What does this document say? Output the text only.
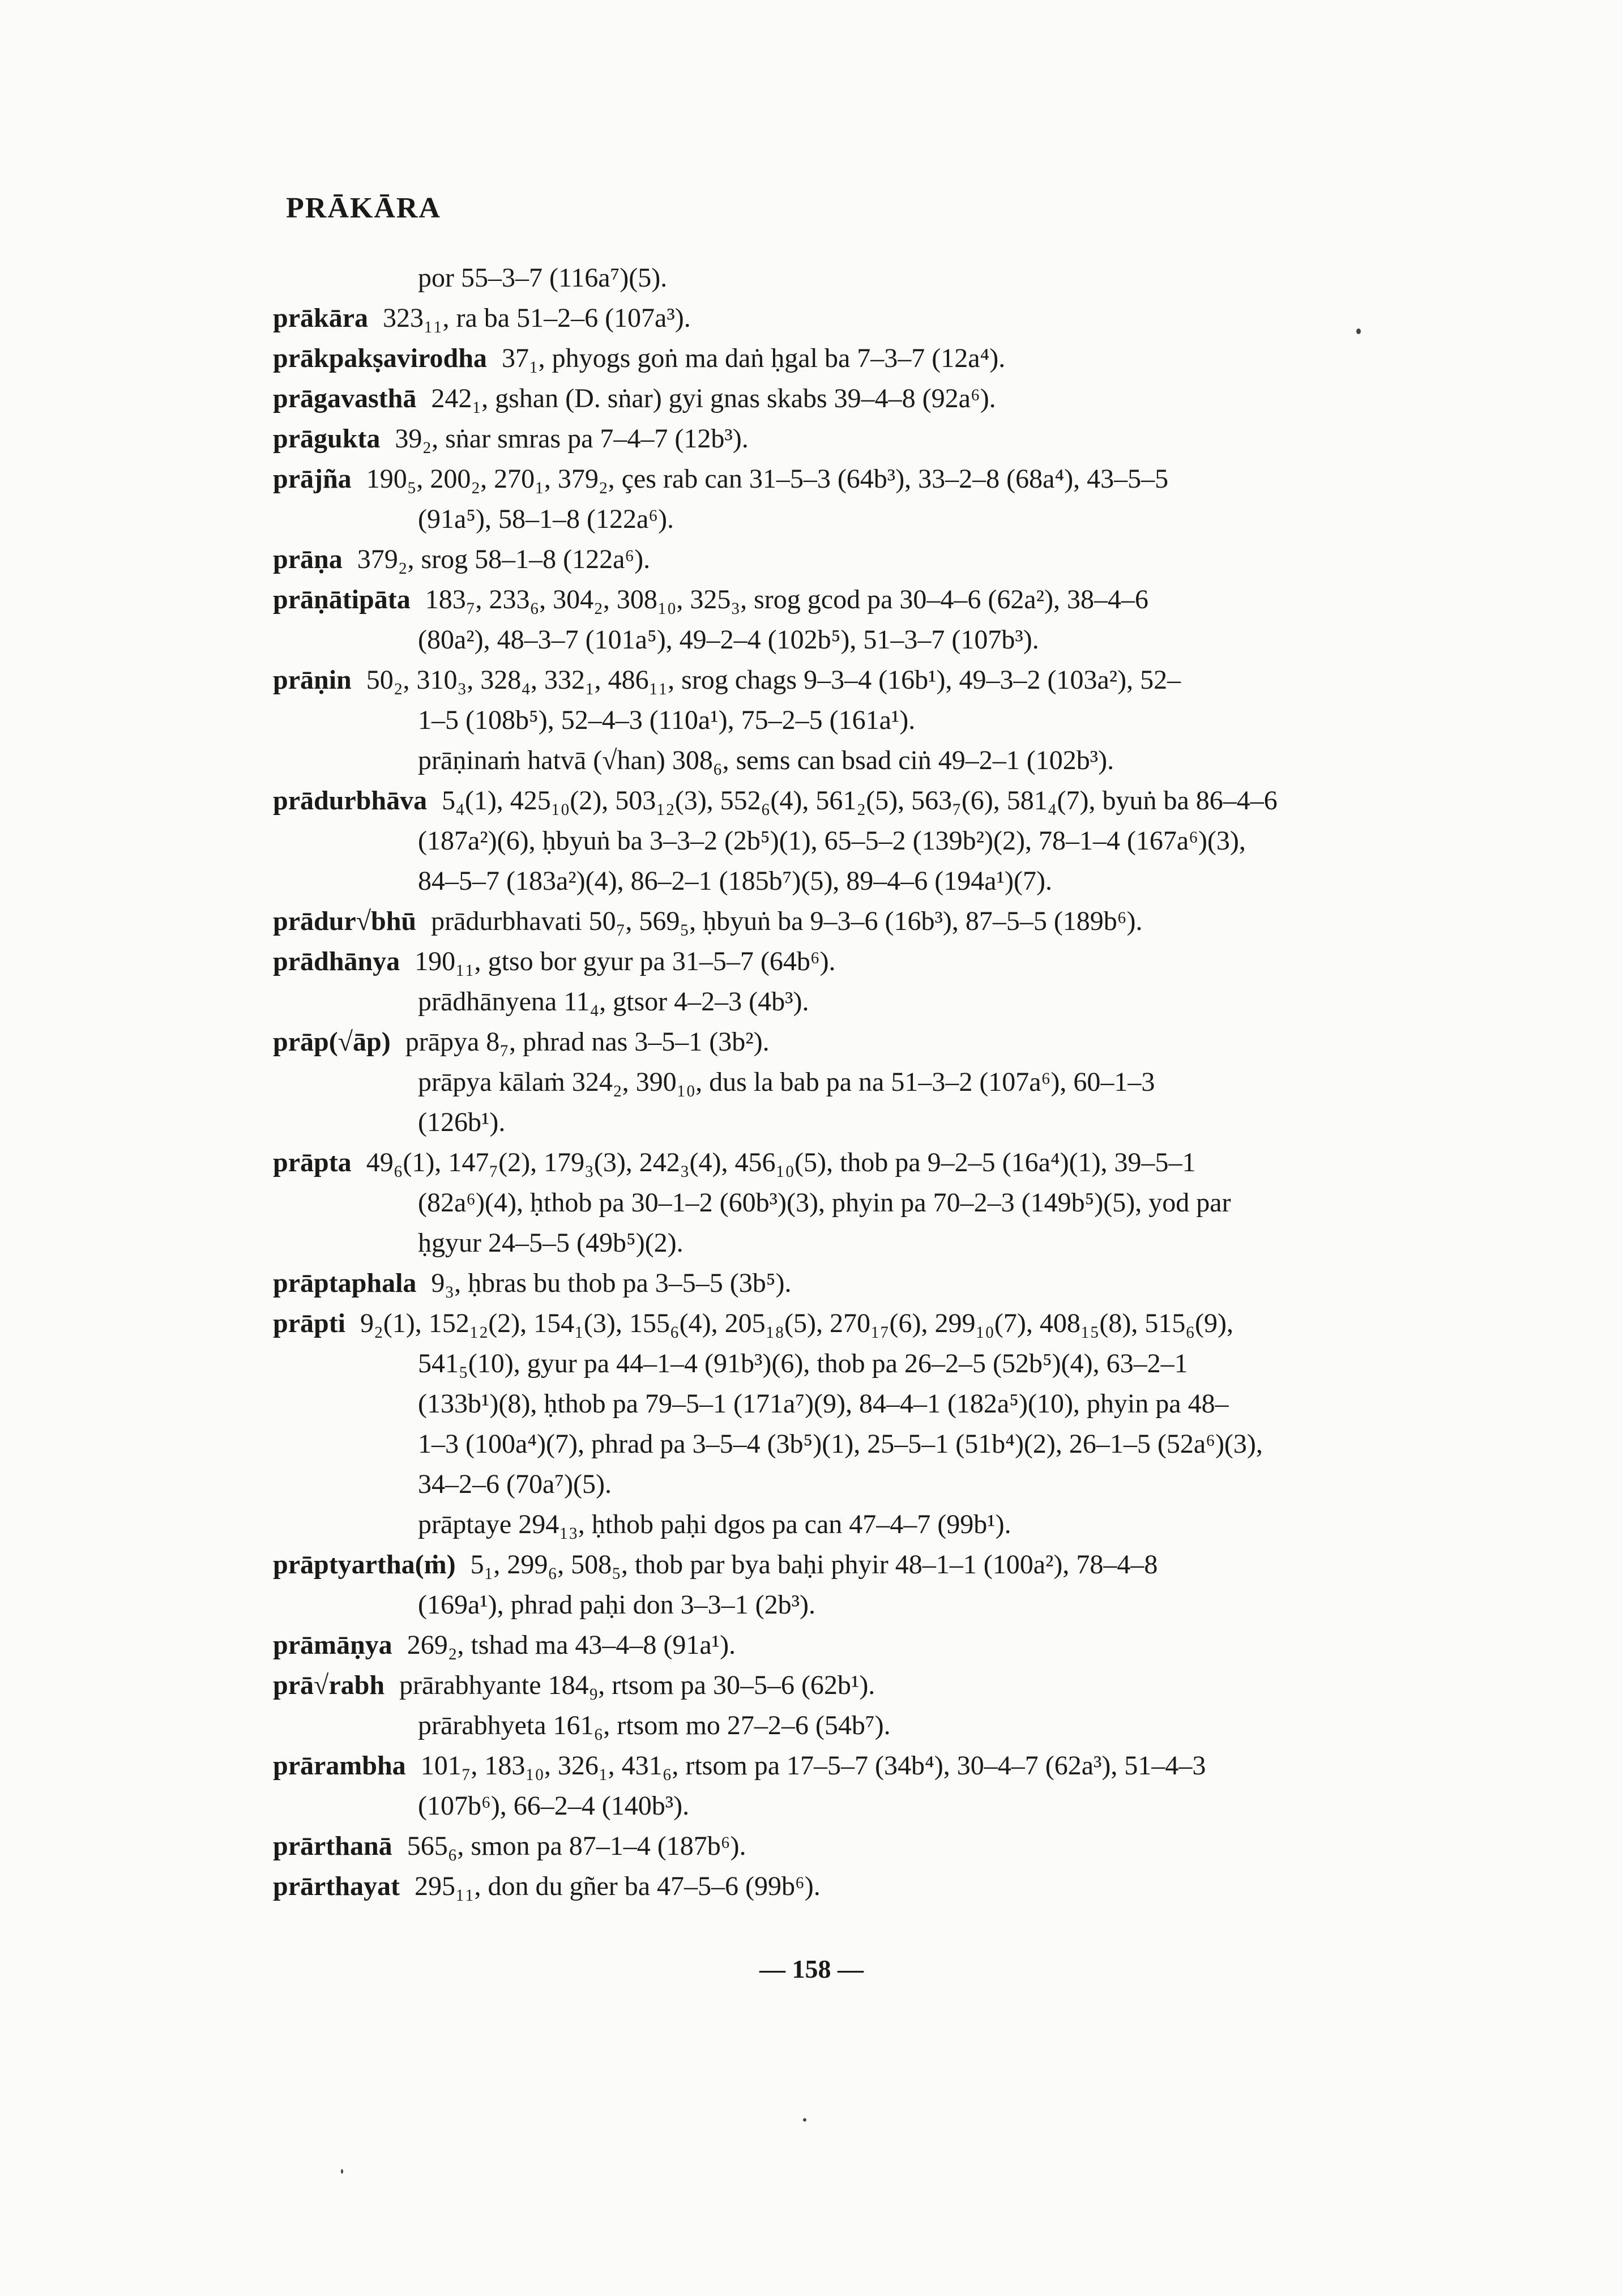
PRĀKĀRA
por 55–3–7 (116a⁷)(5).
prākāra 323₁₁, ra ba 51–2–6 (107a³).
prākpakṣavirodha 37₁, phyogs goṅ ma daṅ ḥgal ba 7–3–7 (12a⁴).
prāgavasthā 242₁, gshan (D. sṅar) gyi gnas skabs 39–4–8 (92a⁶).
prāgukta 39₂, sṅar smras pa 7–4–7 (12b³).
prājña 190₅, 200₂, 270₁, 379₂, çes rab can 31–5–3 (64b³), 33–2–8 (68a⁴), 43–5–5
(91a⁵), 58–1–8 (122a⁶).
prāṇa 379₂, srog 58–1–8 (122a⁶).
prāṇātipāta 183₇, 233₆, 304₂, 308₁₀, 325₃, srog gcod pa 30–4–6 (62a²), 38–4–6
(80a²), 48–3–7 (101a⁵), 49–2–4 (102b⁵), 51–3–7 (107b³).
prāṇin 50₂, 310₃, 328₄, 332₁, 486₁₁, srog chags 9–3–4 (16b¹), 49–3–2 (103a²), 52–
1–5 (108b⁵), 52–4–3 (110a¹), 75–2–5 (161a¹).
prāṇinaṁ hatvā (√han) 308₆, sems can bsad ciṅ 49–2–1 (102b³).
prādurbhāva 5₄(1), 425₁₀(2), 503₁₂(3), 552₆(4), 561₂(5), 563₇(6), 581₄(7), byuṅ ba 86–4–6
(187a²)(6), ḥbyuṅ ba 3–3–2 (2b⁵)(1), 65–5–2 (139b²)(2), 78–1–4 (167a⁶)(3),
84–5–7 (183a²)(4), 86–2–1 (185b⁷)(5), 89–4–6 (194a¹)(7).
prādur√bhū prādurbhavati 50₇, 569₅, ḥbyuṅ ba 9–3–6 (16b³), 87–5–5 (189b⁶).
prādhānya 190₁₁, gtso bor gyur pa 31–5–7 (64b⁶).
prādhānyena 11₄, gtsor 4–2–3 (4b³).
prāp(√āp) prāpya 8₇, phrad nas 3–5–1 (3b²).
prāpya kālaṁ 324₂, 390₁₀, dus la bab pa na 51–3–2 (107a⁶), 60–1–3
(126b¹).
prāpta 49₆(1), 147₇(2), 179₃(3), 242₃(4), 456₁₀(5), thob pa 9–2–5 (16a⁴)(1), 39–5–1
(82a⁶)(4), ḥthob pa 30–1–2 (60b³)(3), phyin pa 70–2–3 (149b⁵)(5), yod par
ḥgyur 24–5–5 (49b⁵)(2).
prāptaphala 9₃, ḥbras bu thob pa 3–5–5 (3b⁵).
prāpti 9₂(1), 152₁₂(2), 154₁(3), 155₆(4), 205₁₈(5), 270₁₇(6), 299₁₀(7), 408₁₅(8), 515₆(9),
541₅(10), gyur pa 44–1–4 (91b³)(6), thob pa 26–2–5 (52b⁵)(4), 63–2–1
(133b¹)(8), ḥthob pa 79–5–1 (171a⁷)(9), 84–4–1 (182a⁵)(10), phyin pa 48–
1–3 (100a⁴)(7), phrad pa 3–5–4 (3b⁵)(1), 25–5–1 (51b⁴)(2), 26–1–5 (52a⁶)(3),
34–2–6 (70a⁷)(5).
prāptaye 294₁₃, ḥthob paḥi dgos pa can 47–4–7 (99b¹).
prāptyartha(ṁ) 5₁, 299₆, 508₅, thob par bya baḥi phyir 48–1–1 (100a²), 78–4–8
(169a¹), phrad paḥi don 3–3–1 (2b³).
prāmāṇya 269₂, tshad ma 43–4–8 (91a¹).
prā√rabh prārabhyante 184₉, rtsom pa 30–5–6 (62b¹).
prārabhyeta 161₆, rtsom mo 27–2–6 (54b⁷).
prārambha 101₇, 183₁₀, 326₁, 431₆, rtsom pa 17–5–7 (34b⁴), 30–4–7 (62a³), 51–4–3
(107b⁶), 66–2–4 (140b³).
prārthanā 565₆, smon pa 87–1–4 (187b⁶).
prārthayat 295₁₁, don du gñer ba 47–5–6 (99b⁶).
— 158 —
